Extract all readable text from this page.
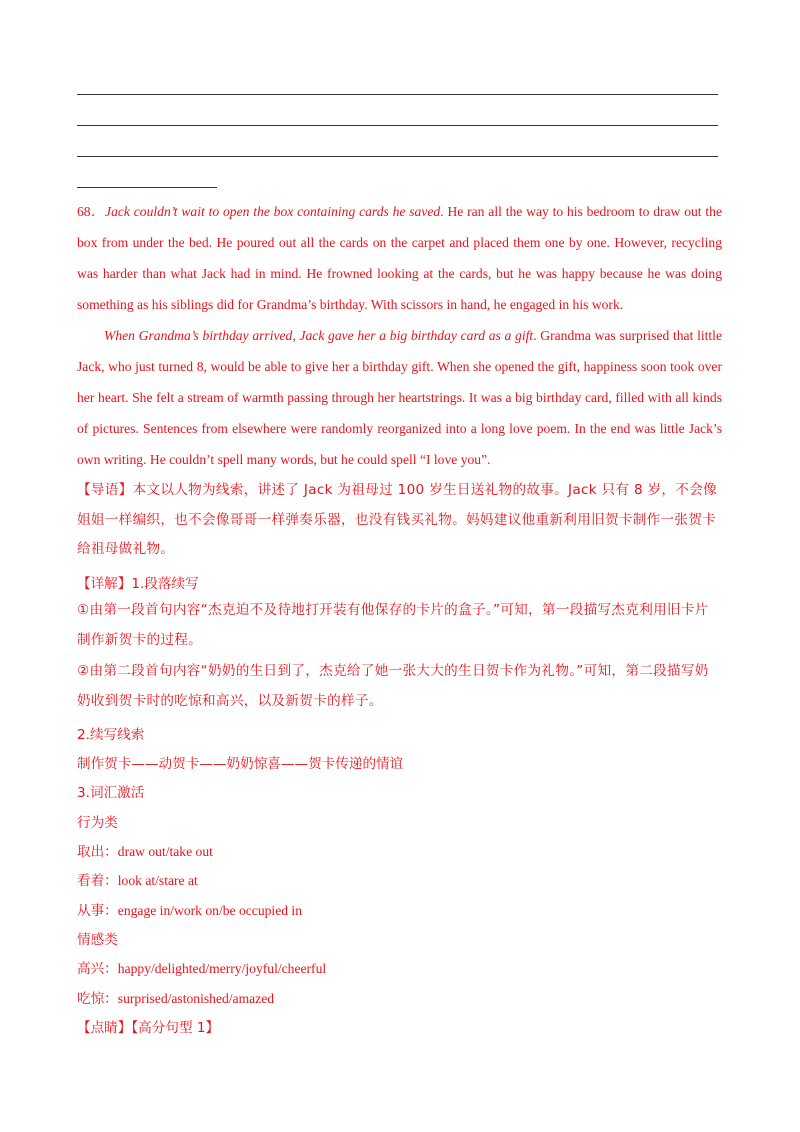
68．Jack couldn’t wait to open the box containing cards he saved. He ran all the way to his bedroom to draw out the box from under the bed. He poured out all the cards on the carpet and placed them one by one. However, recycling was harder than what Jack had in mind. He frowned looking at the cards, but he was happy because he was doing something as his siblings did for Grandma’s birthday. With scissors in hand, he engaged in his work.

When Grandma’s birthday arrived, Jack gave her a big birthday card as a gift. Grandma was surprised that little Jack, who just turned 8, would be able to give her a birthday gift. When she opened the gift, happiness soon took over her heart. She felt a stream of warmth passing through her heartstrings. It was a big birthday card, filled with all kinds of pictures. Sentences from elsewhere were randomly reorganized into a long love poem. In the end was little Jack’s own writing. He couldn’t spell many words, but he could spell “I love you”.

【导语】本文以人物为线索，讲述了 Jack 为祖母过 100 岁生日送礼物的故事。Jack 只有 8 岁，不会像姐姐一样编织，也不会像哥哥一样弹奏乐器，也没有钱买礼物。妈妈建议他重新利用旧贺卡制作一张贺卡给祖母做礼物。

【详解】1.段落续写

①由第一段首句内容“杰克迫不及待地打开装有他保存的卡片的盒子。”可知，第一段描写杰克利用旧卡片制作新贺卡的过程。

②由第二段首句内容“奶奶的生日到了，杰克给了她一张大大的生日贺卡作为礼物。”可知，第二段描写奶奶收到贺卡时的吃惊和高兴，以及新贺卡的样子。

2.续写线索

制作贺卡——动贺卡——奶奶惊喜——贺卡传递的情谊

3.词汇激活

行为类

取出：draw out/take out

看着：look at/stare at

从事：engage in/work on/be occupied in

情感类

高兴：happy/delighted/merry/joyful/cheerful

吃惊：surprised/astonished/amazed

【点睛】【高分句型 1】
